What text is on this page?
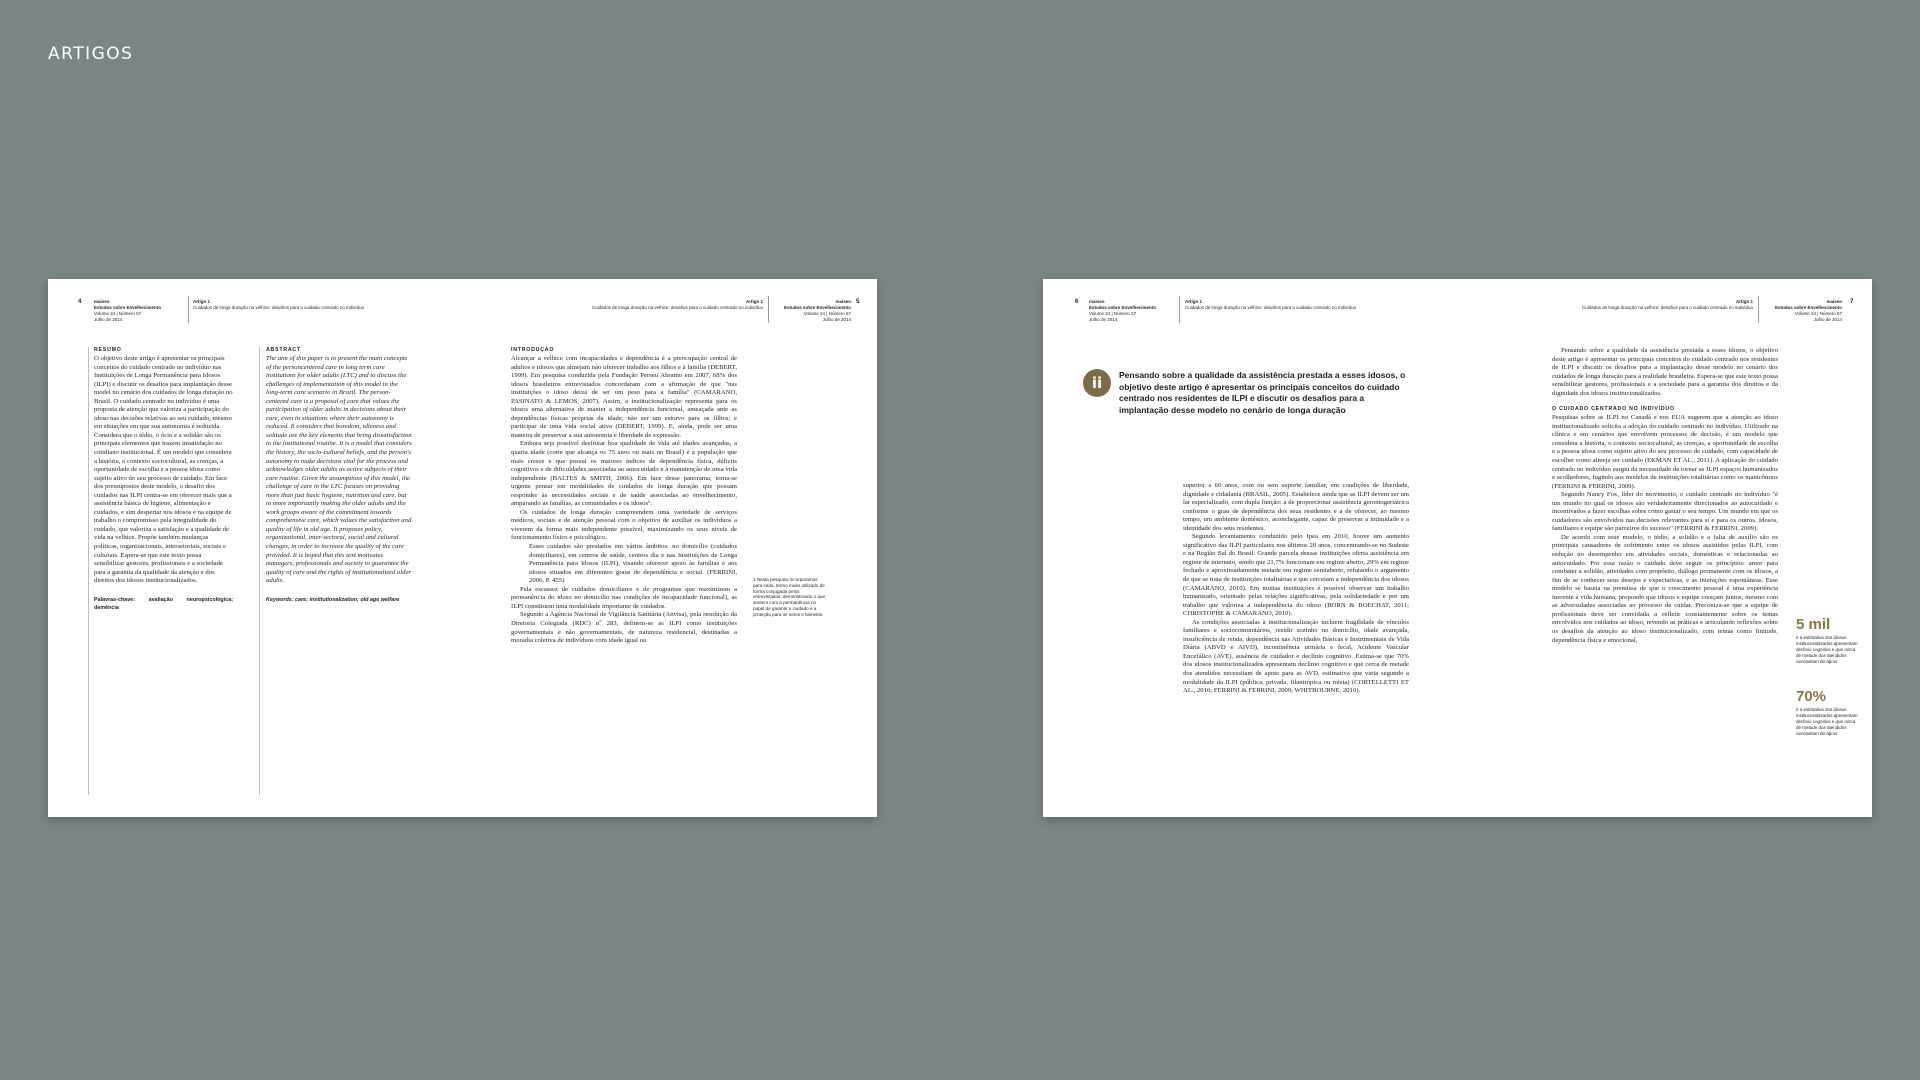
ARTIGOS
4	maiseo
Estudos sobre Envelhecimento
Volume 24 | Número 57
Julho de 2014
Artigo 1
Cuidados de longa duração na velhice: desafios para o cuidado centrado no indivíduo
RESUMO

O objetivo deste artigo é apresentar os principais conceitos do cuidado centrado no indivíduo nas Instituições de Longa Permanência para Idosos (ILPI) e discutir os desafios para implantação desse model no cenário dos cuidados de longa duração no Brasil. O cuidado centrado no indivíduo é uma proposta de atenção que valoriza a participação do idoso nas decisões relativas ao seu cuidado, mesmo em situações em que sua autonomia é reduzida. Considera que o tédio, o ócio e a solidão são os principais elementos que trazem insatisfação no cotidiano institucional. É um modelo que considera a história, o contexto sociocultural, as crenças, a oportunidade de escolha e a pessoa idosa como sujeito ativo do seu processo de cuidado. Em face dos pressupostos deste modelo, o desafio dos cuidados nas ILPI centra-se em oferecer mais que a assistência básica de higiene, alimentação e cuidados, e sim despertar nos idosos e na equipe de trabalho o compromisso pela integralidade do cuidado, que valoriza a satisfação e a qualidade de vida na velhice. Propõe também mudanças políticas, organizacionais, intersetoriais, sociais e culturais. Espera-se que este texto possa sensibilizar gestores, profissionais e a sociedade para a garantia da qualidade da atenção e dos direitos dos idosos institucionalizados.

Palavras-chave: avaliação neuropsicológica; demência
ABSTRACT

The aim of this paper is to present the main concepts of the personcentered care in long term care institutions for older adults (LTC) and to discuss the challenges of implementation of this model in the long-term care scenario in Brazil. The person-centered care is a proposal of care that values the participation of older adults in decisions about their care, even in situations where their autonomy is reduced. It considers that boredom, idleness and solitude are the key elements that bring dissatisfaction to the institutional routine. It is a model that considers the history, the socio-cultural beliefs, and the person's autonomy to make decisions vital for the process and acknowledges older adults as active subjects of their care routine. Given the assumptions of this model, the challenge of care in the LTC focuses on providing more than just basic hygiene, nutrition and care, but to more importantly making the older adults and the work groups aware of the commitment towards comprehensive care, which values the satisfaction and quality of life in old age. It proposes policy, organizational, inter-sectoral, social and cultural changes, in order to increase the quality of the care provided. It is hoped that this text motivates managers, professionals and society to guarantee the quality of care and the rights of institutionalized older adults.

Keywords: care; institutionalization; old age welfare
Artigo 1
Cuidados de longa duração na velhice: desafios para o cuidado centrado no indivíduo
maiseo
Estudos sobre Envelhecimento
Volume 24 | Número 57
Julho de 2014
5
INTRODUÇÃO

Alcançar a velhice com incapacidades e dependência é a preocupação central de adultos e idosos que almejam não oferecer trabalho aos filhos e à família (DEBERT, 1999). Em pesquisa conduzida pela Fundação Perseu Abramo em 2007, 68% dos idosos brasileiros entrevistados concordaram com a afirmação de que "nas instituições o idoso deixa de ser um peso para a família" (CAMARANO, PASINATO & LEMOS, 2007). Assim, a institucionalização representa para os idosos uma alternativa de manter a independência funcional, ameaçada ante as dependências físicas próprias da idade; não ser um estorvo para os filhos; e participar de uma vida social ativa (DEBERT, 1999). E, ainda, pode ser uma maneira de preservar a sua autonomia e liberdade de expressão.

Embora seja possível desfrutar boa qualidade de vida até idades avançadas, a quarta idade (corte que alcança os 75 anos ou mais no Brasil) é a população que mais cresce e que possui os maiores índices de dependência física, déficits cognitivos e de dificuldades associadas ao autocuidado e à manutenção de uma vida independente (BALTES & SMITH, 2006). Em face desse panorama, torna-se urgente pensar em modalidades de cuidados de longa duração que possam responder às necessidades sociais e de saúde associadas ao envelhecimento, amparando as famílias, as comunidades e os idosos¹.

Os cuidados de longa duração compreendem uma variedade de serviços médicos, sociais e de atenção pessoal com o objetivo de auxiliar os indivíduos a viverem da forma mais independente possível, maximizando os seus níveis de funcionamento físico e psicológico.

Esses cuidados são prestados em vários âmbitos: no domicílio (cuidados domiciliares), em centros de saúde, centros dia e nas Instituições de Longa Permanência para Idosos (ILPI), visando oferecer apoio às famílias e aos idosos situados em diferentes graus de dependência e social. (FERRINI, 2006, P. 455)

Pela escassez de cuidados domiciliares e de programas que maximizem a permanência do idoso no domicílio nas condições de incapacidade funcional), as ILPI constituem uma modalidade importante de cuidados.

Segundo a Agência Nacional de Vigilância Sanitária (Anvisa), pela resolução da Diretoria Colegiada (RDC) nº 283, definem-se as ILPI como instituições governamentais e não governamentais, de natureza residencial, destinadas a moradia coletiva de indivíduos com idade igual ou

1 Nesta pesquisa incorporamos para cada, termo muito utilizado de forma conjugada pelos entrevistados, demonstrando o que sentem com a permanência no papel de garantir o cuidado e a proteção para os netos e bisnetos.
6 maiseo
Estudos sobre Envelhecimento
Volume 24 | Número 57
Julho de 2014
Artigo 1
Cuidados de longa duração na velhice: desafios para o cuidado centrado no indivíduo
ii	Pensando sobre a qualidade da assistência prestada a esses idosos, o objetivo deste artigo é apresentar os principais conceitos do cuidado centrado nos residentes de ILPI e discutir os desafios para a implantação desse modelo no cenário de longa duração

superior a 60 anos, com ou sem suporte familiar, em condições de liberdade, dignidade e cidadania (BRASIL, 2005). Estabelece ainda que as ILPI devem ser um lar especializado, com dupla função: a de proporcionar assistência gerontogeriátrica conforme o grau de dependência dos seus residentes e a de oferecer, ao mesmo tempo, um ambiente doméstico, aconchegante, capaz de preservar a intimidade e a identidade dos seus residentes.

Segundo levantamento conduzido pelo Ipea em 2010, houve um aumento significativo das ILPI particulares nos últimos 20 anos, concentrando-se no Sudeste e na Região Sul do Brasil. Grande parcela dessas instituições oferta assistência em regime de internato, sendo que 21,7% funcionam em regime aberto, 29% em regime fechado e aproximadamente metade em regime semiaberto, refutando o argumento de que se trata de instituições totalitárias e que cerceiam a independência dos idosos (CAMARANO, 2010). Em muitas instituições é possível observar um trabalho humanizado, orientado pelas relações significativas, pela solidariedade e por um trabalho que valoriza a independência do idoso (BORN & BOECHAT, 2011; CHRISTOPHE & CAMARANO, 2010).

As condições associadas à institucionalização incluem fragilidade de vínculos familiares e sociocomunitários, residir sozinho no domicílio, idade avançada, insuficiência de renda, dependência nas Atividades Básicas e Instrumentais de Vida Diária (ABVD e AIVD), incontinência urinária e fecal, Acidente Vascular Encefálico (AVE), ausência de cuidador e declínio cognitivo. Estima-se que 70% dos idosos institucionalizados apresentam declínio cognitivo e que cerca de metade dos atendidos necessitam de apoio para as AVD, estimativa que varia segundo a modalidade da ILPI (pública, privada, filantrópica ou mista) (CORTELLETTI ET AL., 2010; FERRINI & FERRINI, 2009; WHITBOURNE, 2010).

Artigo 1
Cuidados de longa duração na velhice: desafios para o cuidado centrado no indivíduo
maiseo
Estudos sobre Envelhecimento
Volume 24 | Número 57
Julho de 2014
7

Pensando sobre a qualidade da assistência prestada a esses idosos, o objetivo deste artigo é apresentar os principais conceitos do cuidado centrado nos residentes de ILPI e discutir os desafios para a implantação desse modelo no cenário dos cuidados de longa duração para a realidade brasileira. Espera-se que este texto possa sensibilizar gestores, profissionais e a sociedade para a garantia dos direitos e da dignidade dos idosos institucionalizados.

O CUIDADO CENTRADO NO INDIVÍDUO

Pesquisas sobre as ILPI no Canadá e nos EUA sugerem que a atenção ao idoso institucionalizado solicita a adoção do cuidado centrado no indivíduo. Utilizado na clínica e em cenários que envolvem processos de decisão, é um modelo que considera a história, o contexto sociocultural, as crenças, a oportunidade de escolha e a pessoa idosa como sujeito ativo do seu processo de cuidado, com capacidade de escolher como almeja ser cuidado (EKMAN ET AL., 2011). A aplicação do cuidado centrado no indivíduo surgiu da necessidade de tornar as ILPI espaços humanizados e acolhedores, fugindo aos modelos de instituições totalitárias como os manicômios (FERRINI & FERRINI, 2009).

Segundo Nancy Fox, líder do movimento, o cuidado centrado no indivíduo "é um mundo no qual os idosos são verdadeiramente direcionados ao autocuidado e incentivados a fazer escolhas sobre como gastar o seu tempo. Um mundo em que os cuidadores são envolvidos nas decisões relevantes para si e para os outros. Idosos, familiares e equipe são parceiros do sucesso" (FERRINI & FERRINI, 2009).

De acordo com esse modelo, o tédio, a solidão e a falta de auxílio são os principais causadores de sofrimento entre os idosos assistidos pelas ILPI, com redução no desempenho em atividades sociais, domésticas e relacionadas ao autocuidado. Por essa razão o cuidado deve seguir os princípios: amor para combater a solidão, atividades com propósito, diálogo permanente com os idosos, a fim de se conhecer seus desejos e expectativas, e as interações espontâneas. Esse modelo se baseia na premissa de que o crescimento pessoal é uma experiência inerente à vida humana, propondo que idosos e equipe cresçam juntos, mesmo com as adversidades associadas ao processo de cuidar. Preconiza-se que a equipe de profissionais deve ser convidada a refletir constantemente sobre os temas envolvidos nos cuidados ao idoso, revendo as práticas e articulando reflexões sobre os desafios da atenção ao idoso institucionalizado, com temas como finitude, dependência física e emocional,

5 mil
é a estimativa dos idosos institucionalizados apresentam declínio cognitivo e que cerca de metade dos atendidos necessitam de apoio
70%
é a estimativa dos idosos institucionalizados apresentam declínio cognitivo e que cerca de metade dos atendidos necessitam de apoio
